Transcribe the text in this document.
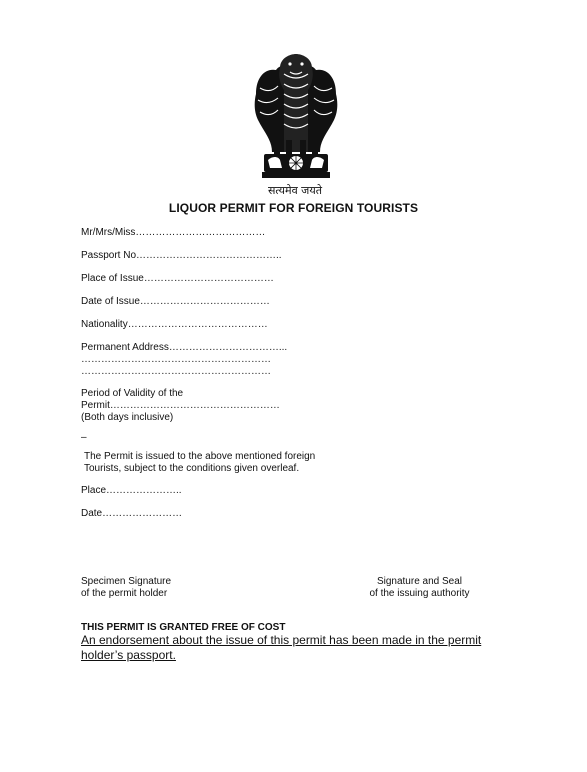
सत्यमेव जयते
LIQUOR PERMIT FOR FOREIGN TOURISTS
Mr/Mrs/Miss…………………………………
Passport No……………………………………..
Place of Issue…………………………………
Date of Issue…………………………………
Nationality……………………………………
Permanent Address……………………………...
…………………………………………………
…………………………………………………
Period of Validity of the
Permit……………………………………………
(Both days inclusive)
–
The Permit is issued to the above mentioned foreign
Tourists, subject to the conditions given overleaf.
Place…………………..
Date……………………
Specimen Signature
of the permit holder
Signature and Seal
of the issuing authority
THIS PERMIT IS GRANTED FREE OF COST
An endorsement about the issue of this permit has been made in the permit holder’s passport.
